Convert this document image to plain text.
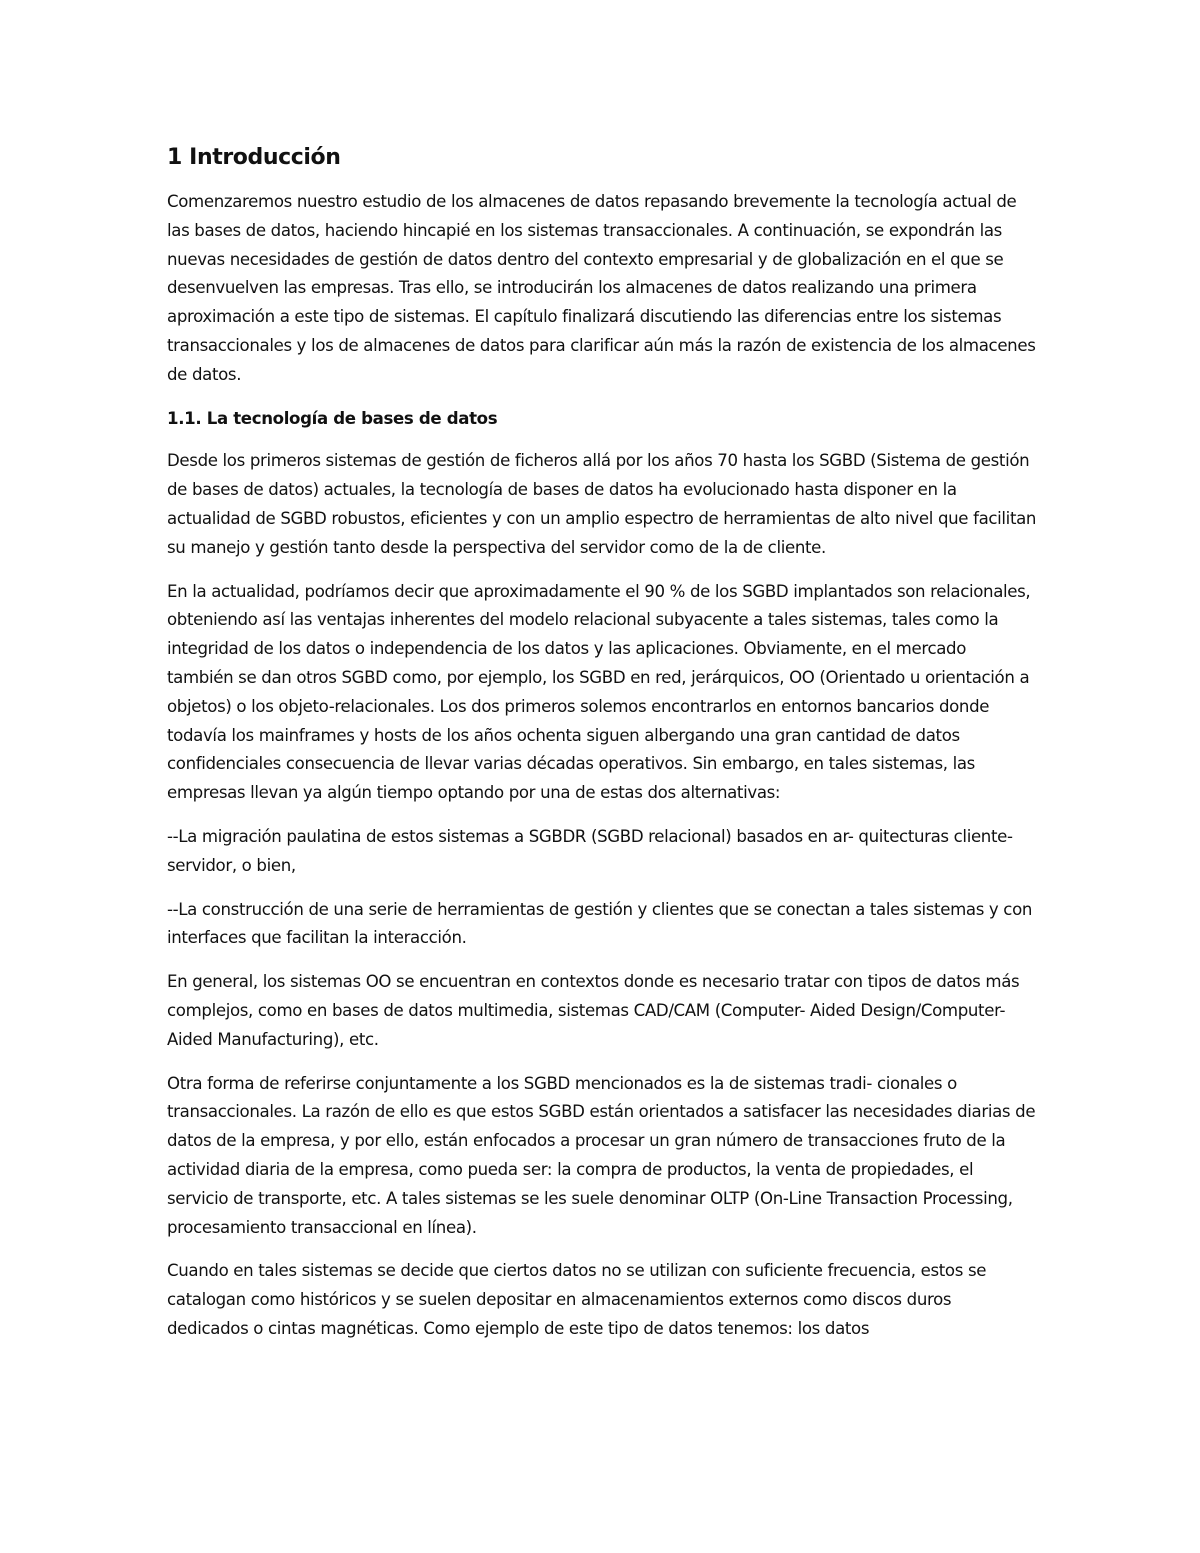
1 Introducción

Comenzaremos nuestro estudio de los almacenes de datos repasando brevemente la tecnología actual de las bases de datos, haciendo hincapié en los sistemas transaccionales. A continuación, se expondrán las nuevas necesidades de gestión de datos dentro del contexto empresarial y de globalización en el que se desenvuelven las empresas. Tras ello, se introducirán los almacenes de datos realizando una primera aproximación a este tipo de sistemas. El capítulo finalizará discutiendo las diferencias entre los sistemas transaccionales y los de almacenes de datos para clarificar aún más la razón de existencia de los almacenes de datos.

1.1. La tecnología de bases de datos

Desde los primeros sistemas de gestión de ficheros allá por los años 70 hasta los SGBD (Sistema de gestión de bases de datos) actuales, la tecnología de bases de datos ha evolucionado hasta disponer en la actualidad de SGBD robustos, eficientes y con un amplio espectro de herramientas de alto nivel que facilitan su manejo y gestión tanto desde la perspectiva del servidor como de la de cliente.

En la actualidad, podríamos decir que aproximadamente el 90 % de los SGBD implantados son relacionales, obteniendo así las ventajas inherentes del modelo relacional subyacente a tales sistemas, tales como la integridad de los datos o independencia de los datos y las aplicaciones. Obviamente, en el mercado también se dan otros SGBD como, por ejemplo, los SGBD en red, jerárquicos, OO (Orientado u orientación a objetos) o los objeto-relacionales. Los dos primeros solemos encontrarlos en entornos bancarios donde todavía los mainframes y hosts de los años ochenta siguen albergando una gran cantidad de datos confidenciales consecuencia de llevar varias décadas operativos. Sin embargo, en tales sistemas, las empresas llevan ya algún tiempo optando por una de estas dos alternativas:

--La migración paulatina de estos sistemas a SGBDR (SGBD relacional) basados en ar- quitecturas cliente-servidor, o bien,

--La construcción de una serie de herramientas de gestión y clientes que se conectan a tales sistemas y con interfaces que facilitan la interacción.

En general, los sistemas OO se encuentran en contextos donde es necesario tratar con tipos de datos más complejos, como en bases de datos multimedia, sistemas CAD/CAM (Computer- Aided Design/Computer-Aided Manufacturing), etc.

Otra forma de referirse conjuntamente a los SGBD mencionados es la de sistemas tradi- cionales o transaccionales. La razón de ello es que estos SGBD están orientados a satisfacer las necesidades diarias de datos de la empresa, y por ello, están enfocados a procesar un gran número de transacciones fruto de la actividad diaria de la empresa, como pueda ser: la compra de productos, la venta de propiedades, el servicio de transporte, etc. A tales sistemas se les suele denominar OLTP (On-Line Transaction Processing, procesamiento transaccional en línea).

Cuando en tales sistemas se decide que ciertos datos no se utilizan con suficiente frecuencia, estos se catalogan como históricos y se suelen depositar en almacenamientos externos como discos duros dedicados o cintas magnéticas. Como ejemplo de este tipo de datos tenemos: los datos
